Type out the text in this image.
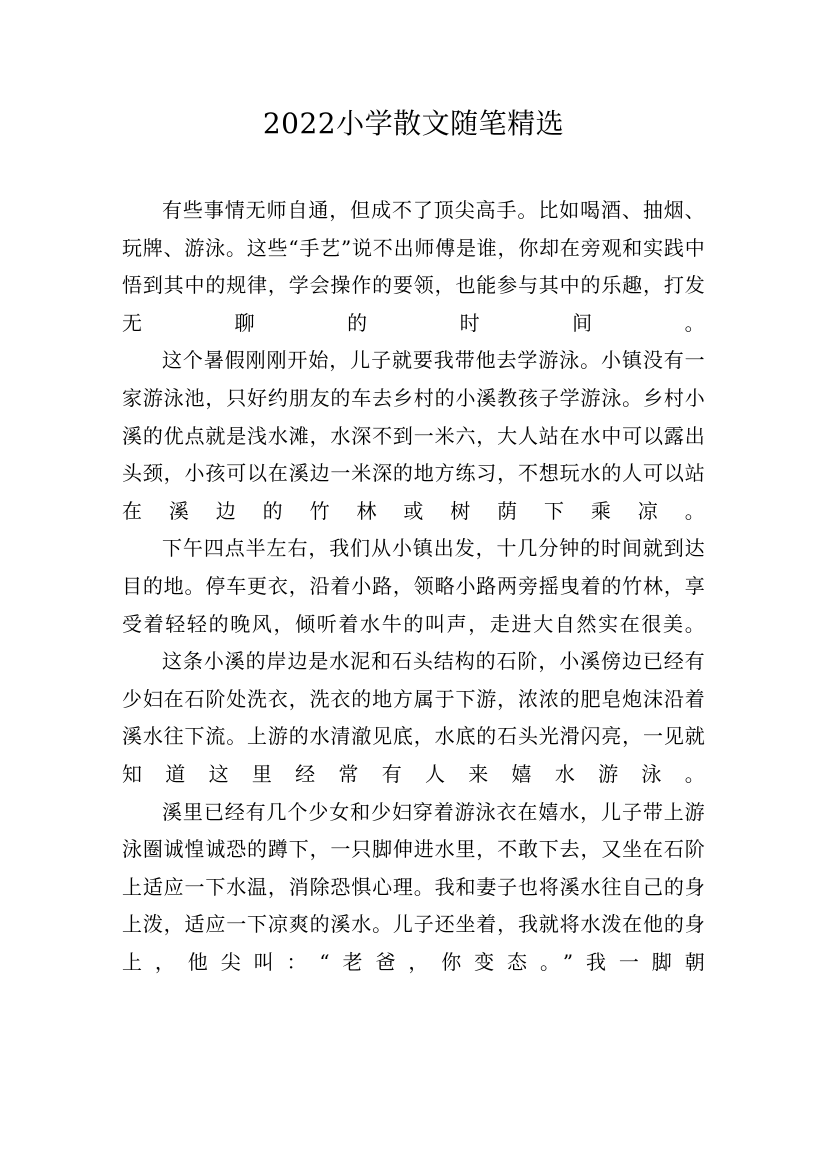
2022小学散文随笔精选

有些事情无师自通，但成不了顶尖高手。比如喝酒、抽烟、玩牌、游泳。这些“手艺”说不出师傅是谁，你却在旁观和实践中悟到其中的规律，学会操作的要领，也能参与其中的乐趣，打发无聊的时间。

这个暑假刚刚开始，儿子就要我带他去学游泳。小镇没有一家游泳池，只好约朋友的车去乡村的小溪教孩子学游泳。乡村小溪的优点就是浅水滩，水深不到一米六，大人站在水中可以露出头颈，小孩可以在溪边一米深的地方练习，不想玩水的人可以站在溪边的竹林或树荫下乘凉。

下午四点半左右，我们从小镇出发，十几分钟的时间就到达目的地。停车更衣，沿着小路，领略小路两旁摇曳着的竹林，享受着轻轻的晚风，倾听着水牛的叫声，走进大自然实在很美。

这条小溪的岸边是水泥和石头结构的石阶，小溪傍边已经有少妇在石阶处洗衣，洗衣的地方属于下游，浓浓的肥皂炮沫沿着溪水往下流。上游的水清澈见底，水底的石头光滑闪亮，一见就知道这里经常有人来嬉水游泳。

溪里已经有几个少女和少妇穿着游泳衣在嬉水，儿子带上游泳圈诚惶诚恐的蹲下，一只脚伸进水里，不敢下去，又坐在石阶上适应一下水温，消除恐惧心理。我和妻子也将溪水往自己的身上泼，适应一下凉爽的溪水。儿子还坐着，我就将水泼在他的身上，他尖叫：“老爸，你变态。”我一脚朝
